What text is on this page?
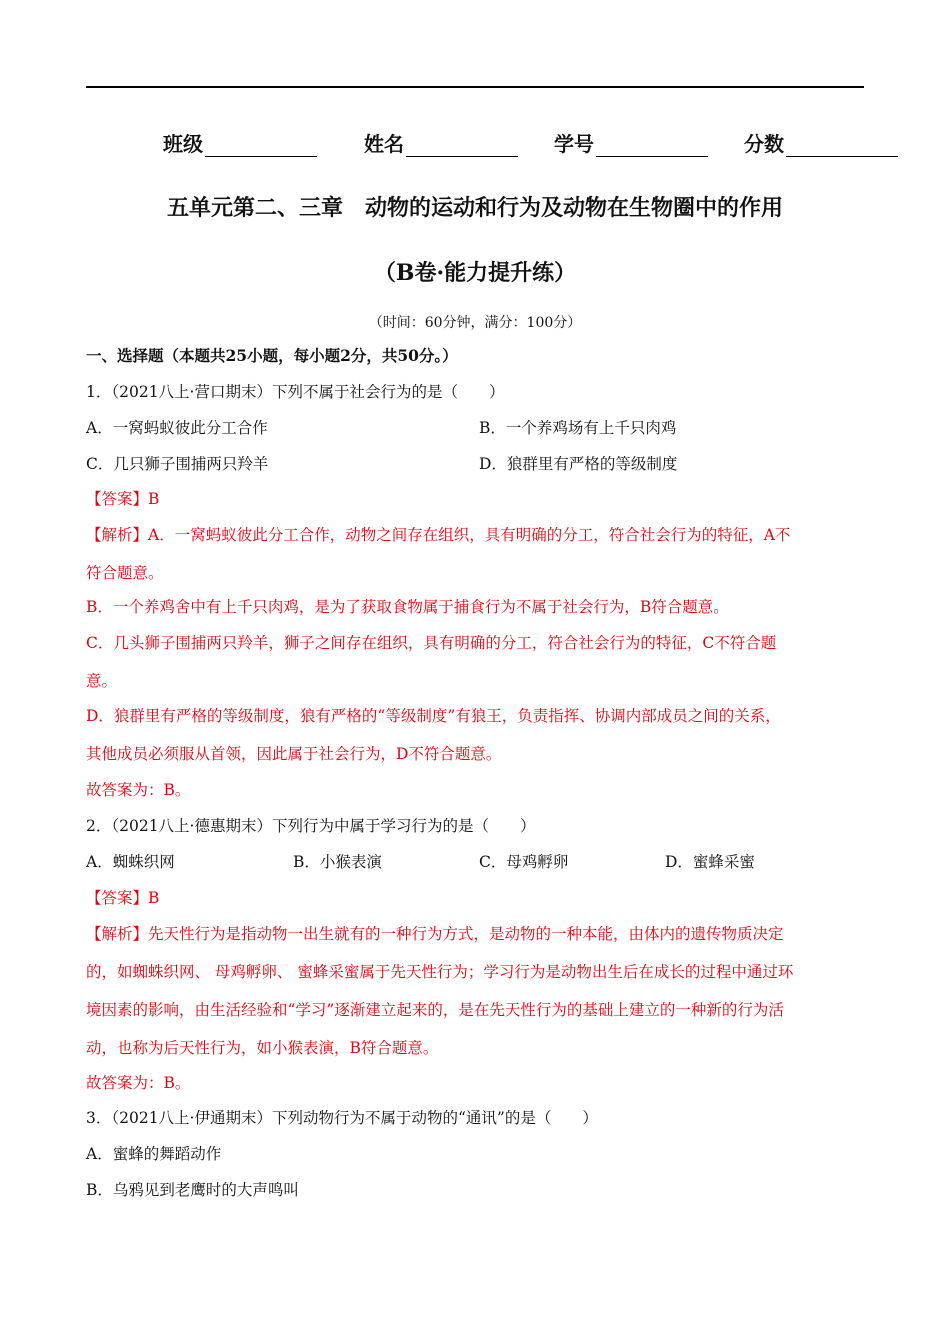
班级	姓名	学号	分数
五单元第二、三章　动物的运动和行为及动物在生物圈中的作用
（B卷·能力提升练）
（时间：60分钟，满分：100分）
一、选择题（本题共25小题，每小题2分，共50分。）
1．（2021八上·营口期末）下列不属于社会行为的是（　　）
A．一窝蚂蚁彼此分工合作	B．一个养鸡场有上千只肉鸡
C．几只狮子围捕两只羚羊	D．狼群里有严格的等级制度
【答案】B
【解析】A．一窝蚂蚁彼此分工合作，动物之间存在组织，具有明确的分工，符合社会行为的特征，A不
符合题意。
B．一个养鸡舍中有上千只肉鸡，是为了获取食物属于捕食行为不属于社会行为，B符合题意。
C．几头狮子围捕两只羚羊，狮子之间存在组织，具有明确的分工，符合社会行为的特征，C不符合题
意。
D．狼群里有严格的等级制度，狼有严格的“等级制度”有狼王，负责指挥、协调内部成员之间的关系，
其他成员必须服从首领，因此属于社会行为，D不符合题意。
故答案为：B。
2．（2021八上·德惠期末）下列行为中属于学习行为的是（　　）
A．蜘蛛织网	B．小猴表演	C．母鸡孵卵	D．蜜蜂采蜜
【答案】B
【解析】先天性行为是指动物一出生就有的一种行为方式，是动物的一种本能，由体内的遗传物质决定
的，如蜘蛛织网、 母鸡孵卵、 蜜蜂采蜜属于先天性行为；学习行为是动物出生后在成长的过程中通过环
境因素的影响，由生活经验和“学习”逐渐建立起来的，是在先天性行为的基础上建立的一种新的行为活
动，也称为后天性行为，如小猴表演，B符合题意。
故答案为：B。
3．（2021八上·伊通期末）下列动物行为不属于动物的“通讯”的是（　　）
A．蜜蜂的舞蹈动作
B．乌鸦见到老鹰时的大声鸣叫
